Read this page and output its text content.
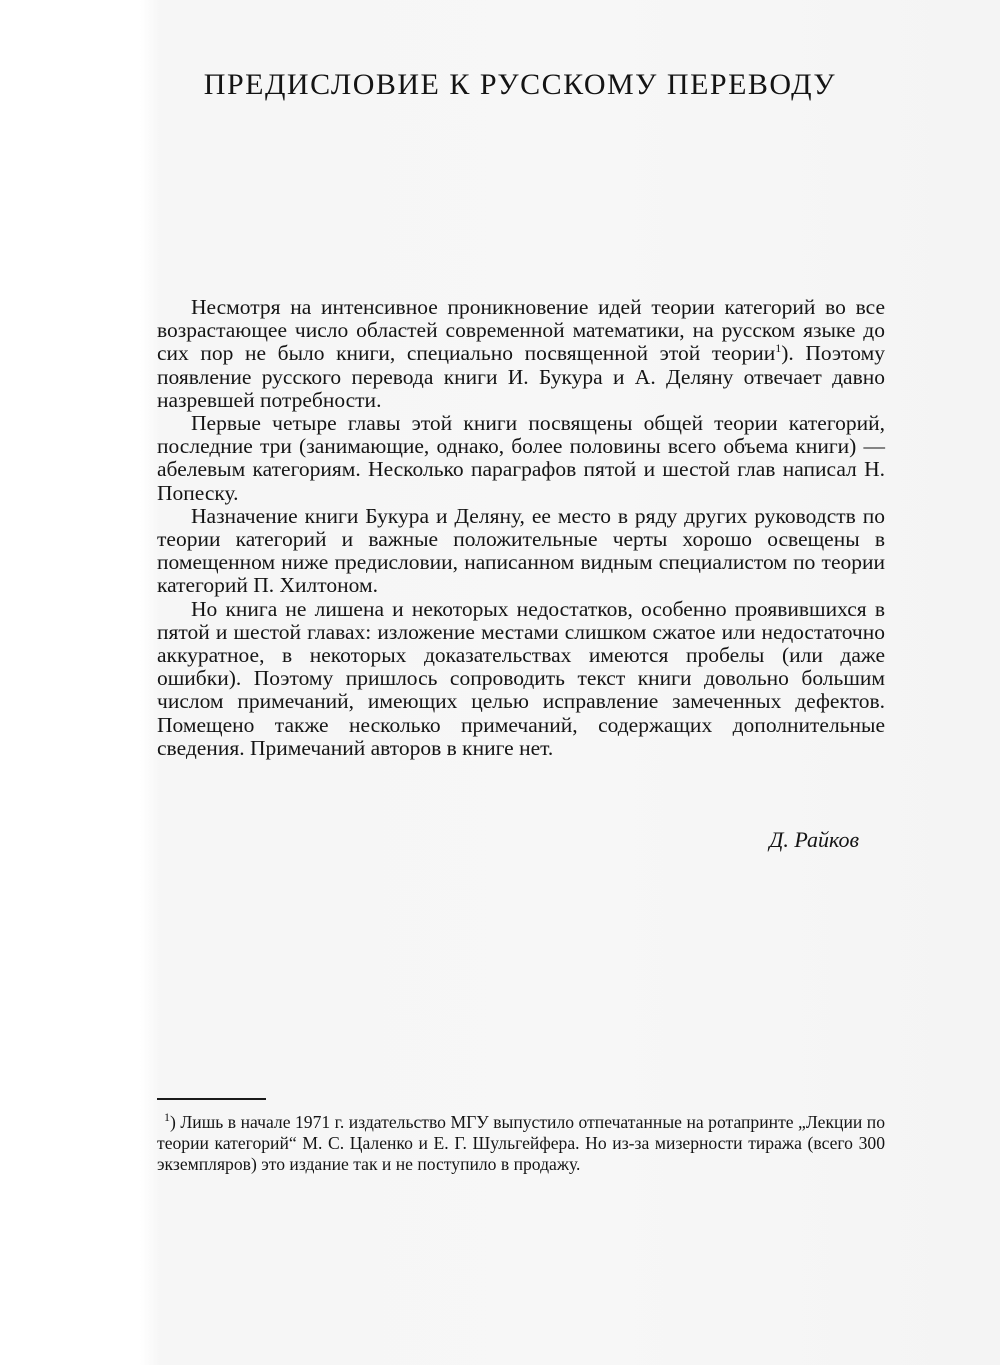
ПРЕДИСЛОВИЕ К РУССКОМУ ПЕРЕВОДУ

Несмотря на интенсивное проникновение идей теории категорий во все возрастающее число областей современной математики, на русском языке до сих пор не было книги, специально посвященной этой теории$^1$). Поэтому появление русского перевода книги И. Букура и А. Деляну отвечает давно назревшей потребности.

Первые четыре главы этой книги посвящены общей теории категорий, последние три (занимающие, однако, более половины всего объема книги) — абелевым категориям. Несколько параграфов пятой и шестой глав написал Н. Попеску.

Назначение книги Букура и Деляну, ее место в ряду других руководств по теории категорий и важные положительные черты хорошо освещены в помещенном ниже предисловии, написанном видным специалистом по теории категорий П. Хилтоном.

Но книга не лишена и некоторых недостатков, особенно проявившихся в пятой и шестой главах: изложение местами слишком сжатое или недостаточно аккуратное, в некоторых доказательствах имеются пробелы (или даже ошибки). Поэтому пришлось сопроводить текст книги довольно большим числом примечаний, имеющих целью исправление замеченных дефектов. Помещено также несколько примечаний, содержащих дополнительные сведения. Примечаний авторов в книге нет.

Д. Райков

$^1$) Лишь в начале 1971 г. издательство МГУ выпустило отпечатанные на ротапринте „Лекции по теории категорий“ М. С. Цаленко и Е. Г. Шульгейфера. Но из-за мизерности тиража (всего 300 экземпляров) это издание так и не поступило в продажу.
